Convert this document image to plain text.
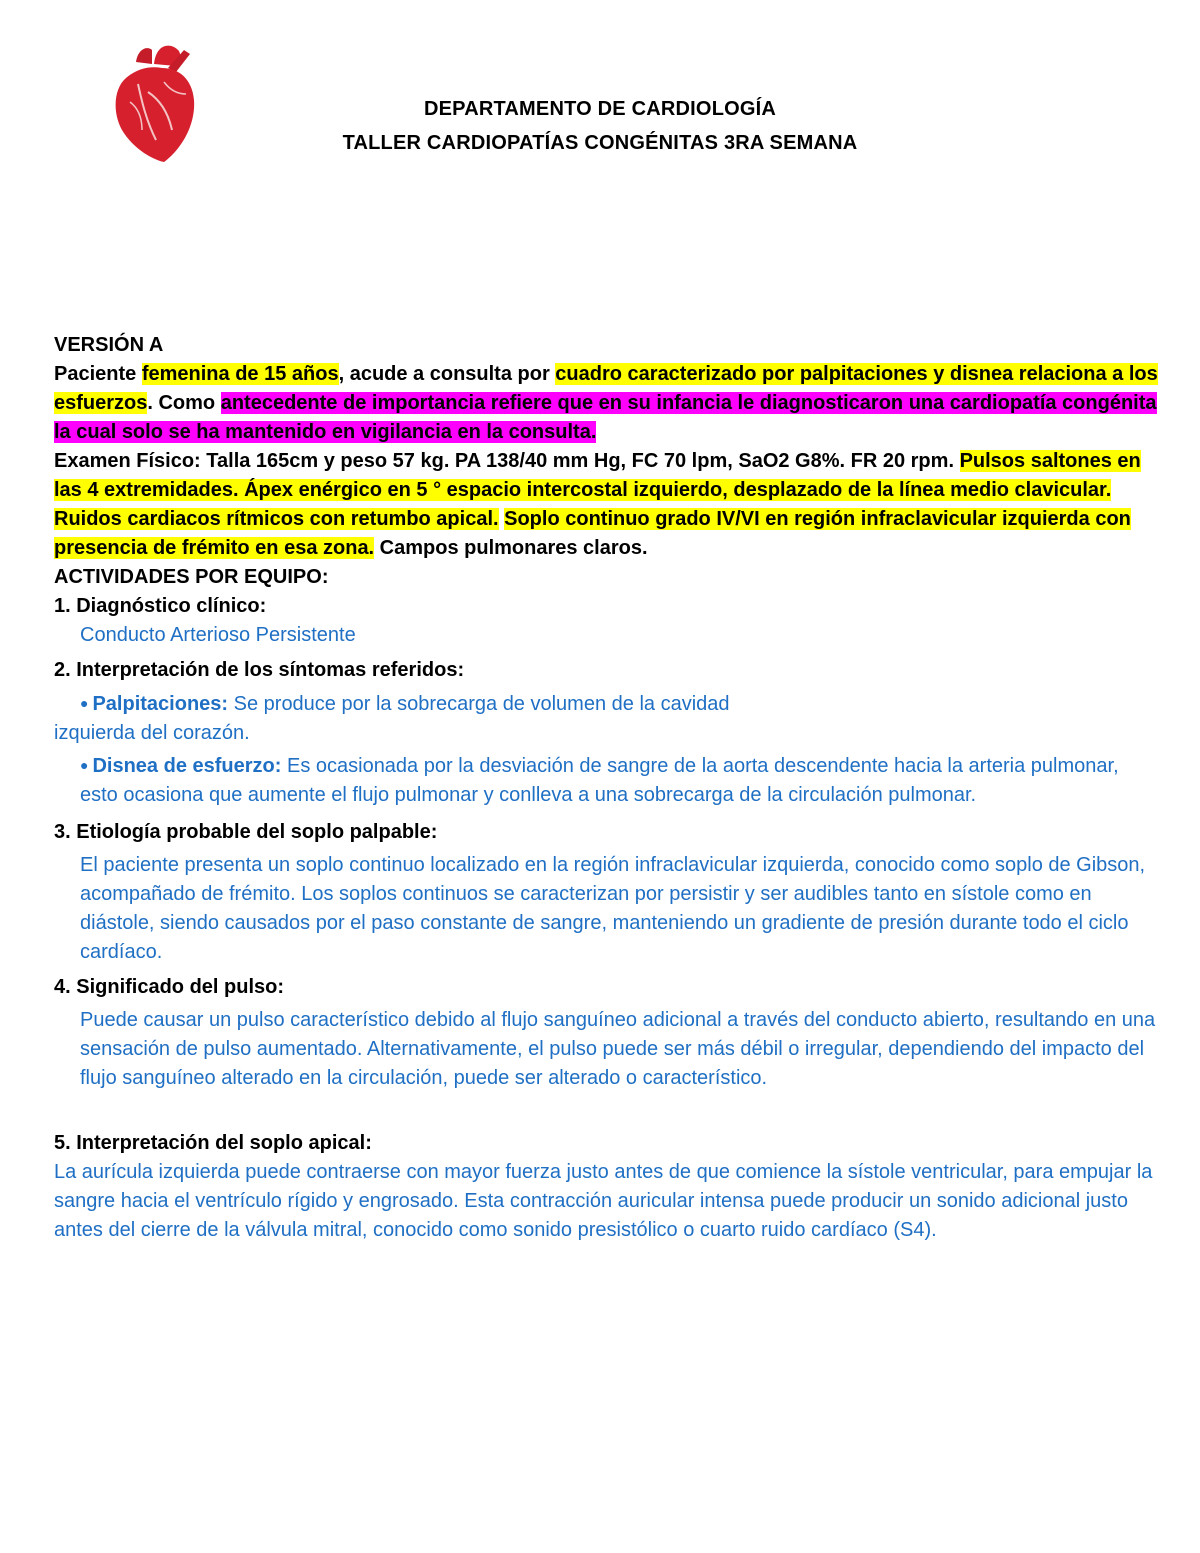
DEPARTAMENTO DE CARDIOLOGÍA
TALLER CARDIOPATÍAS CONGÉNITAS 3RA SEMANA
VERSIÓN A
Paciente femenina de 15 años, acude a consulta por cuadro caracterizado por palpitaciones y disnea relaciona a los esfuerzos. Como antecedente de importancia refiere que en su infancia le diagnosticaron una cardiopatía congénita la cual solo se ha mantenido en vigilancia en la consulta.
Examen Físico: Talla 165cm y peso 57 kg. PA 138/40 mm Hg, FC 70 lpm, SaO2 G8%. FR 20 rpm. Pulsos saltones en las 4 extremidades. Ápex enérgico en 5 ° espacio intercostal izquierdo, desplazado de la línea medio clavicular. Ruidos cardiacos rítmicos con retumbo apical. Soplo continuo grado IV/VI en región infraclavicular izquierda con presencia de frémito en esa zona. Campos pulmonares claros.
ACTIVIDADES POR EQUIPO:
1. Diagnóstico clínico:
Conducto Arterioso Persistente
2. Interpretación de los síntomas referidos:
● Palpitaciones: Se produce por la sobrecarga de volumen de la cavidad
izquierda del corazón.
● Disnea de esfuerzo: Es ocasionada por la desviación de sangre de la aorta descendente hacia la arteria pulmonar, esto ocasiona que aumente el flujo pulmonar y conlleva a una sobrecarga de la circulación pulmonar.
3. Etiología probable del soplo palpable:
El paciente presenta un soplo continuo localizado en la región infraclavicular izquierda, conocido como soplo de Gibson, acompañado de frémito. Los soplos continuos se caracterizan por persistir y ser audibles tanto en sístole como en diástole, siendo causados por el paso constante de sangre, manteniendo un gradiente de presión durante todo el ciclo cardíaco.
4. Significado del pulso:
Puede causar un pulso característico debido al flujo sanguíneo adicional a través del conducto abierto, resultando en una sensación de pulso aumentado. Alternativamente, el pulso puede ser más débil o irregular, dependiendo del impacto del flujo sanguíneo alterado en la circulación, puede ser alterado o característico.
5. Interpretación del soplo apical:
La aurícula izquierda puede contraerse con mayor fuerza justo antes de que comience la sístole ventricular, para empujar la sangre hacia el ventrículo rígido y engrosado. Esta contracción auricular intensa puede producir un sonido adicional justo antes del cierre de la válvula mitral, conocido como sonido presistólico o cuarto ruido cardíaco (S4).
